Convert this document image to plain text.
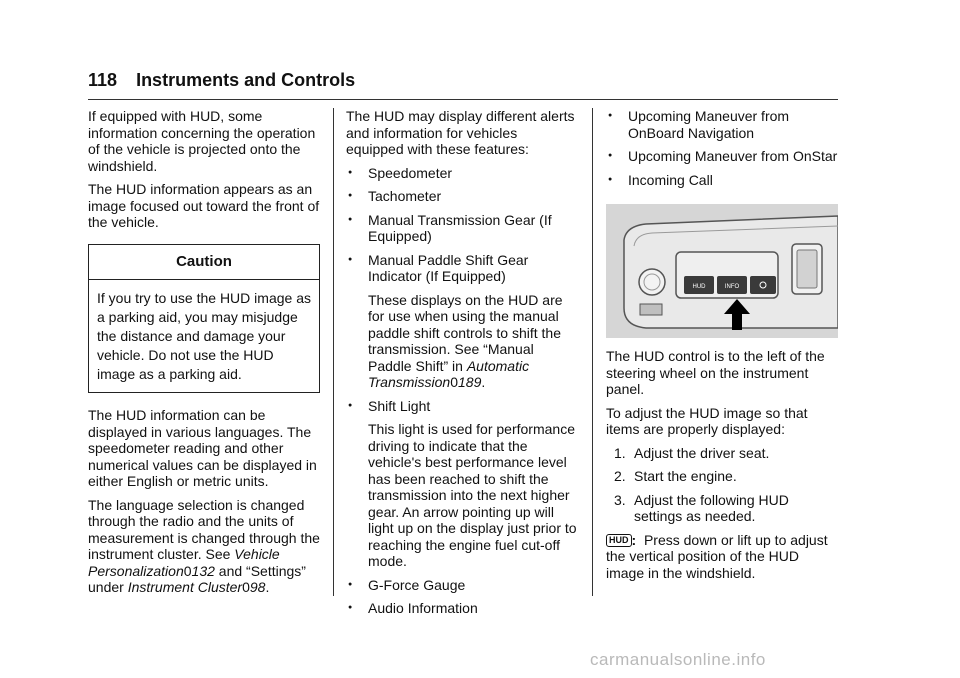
118 Instruments and Controls

If equipped with HUD, some information concerning the operation of the vehicle is projected onto the windshield.

The HUD information appears as an image focused out toward the front of the vehicle.

Caution
If you try to use the HUD image as a parking aid, you may misjudge the distance and damage your vehicle. Do not use the HUD image as a parking aid.

The HUD information can be displayed in various languages. The speedometer reading and other numerical values can be displayed in either English or metric units.

The language selection is changed through the radio and the units of measurement is changed through the instrument cluster. See Vehicle Personalization0132 and “Settings” under Instrument Cluster098.

The HUD may display different alerts and information for vehicles equipped with these features:

● Speedometer
● Tachometer
● Manual Transmission Gear (If Equipped)
● Manual Paddle Shift Gear Indicator (If Equipped)

These displays on the HUD are for use when using the manual paddle shift controls to shift the transmission. See “Manual Paddle Shift” in Automatic Transmission0189.

● Shift Light

This light is used for performance driving to indicate that the vehicle's best performance level has been reached to shift the transmission into the next higher gear. An arrow pointing up will light up on the display just prior to reaching the engine fuel cut-off mode.

● G-Force Gauge
● Audio Information
● Upcoming Maneuver from OnBoard Navigation
● Upcoming Maneuver from OnStar
● Incoming Call
HUD	INFO

The HUD control is to the left of the steering wheel on the instrument panel.

To adjust the HUD image so that items are properly displayed:

1. Adjust the driver seat.
2. Start the engine.
3. Adjust the following HUD settings as needed.

HUD : Press down or lift up to adjust the vertical position of the HUD image in the windshield.

carmanualsonline.info
